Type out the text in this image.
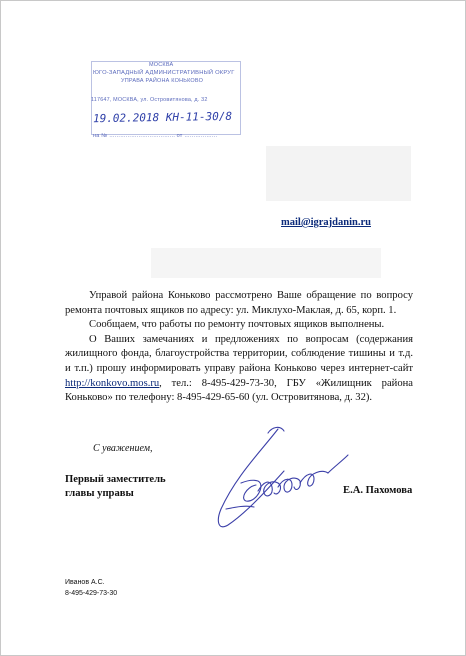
МОСКВА
ЮГО-ЗАПАДНЫЙ АДМИНИСТРАТИВНЫЙ ОКРУГ
УПРАВА РАЙОНА КОНЬКОВО
117647, МОСКВА, ул. Островитянова, д. 32
19.02.2018 КН-11-30/8
на № ……………………………… от ………………
mail@igrajdanin.ru

Управой района Коньково рассмотрено Ваше обращение по вопросу ремонта почтовых ящиков по адресу: ул. Миклухо-Маклая, д. 65, корп. 1.

Сообщаем, что работы по ремонту почтовых ящиков выполнены.

О Ваших замечаниях и предложениях по вопросам (содержания жилищного фонда, благоустройства территории, соблюдение тишины и т.д. и т.п.) прошу информировать управу района Коньково через интернет-сайт http://konkovo.mos.ru, тел.: 8-495-429-73-30, ГБУ «Жилищник района Коньково» по телефону: 8-495-429-65-60 (ул. Островитянова, д. 32).

С уважением,
Первый заместитель
главы управы	Е.А. Пахомова
Иванов А.С.
8-495-429-73-30
